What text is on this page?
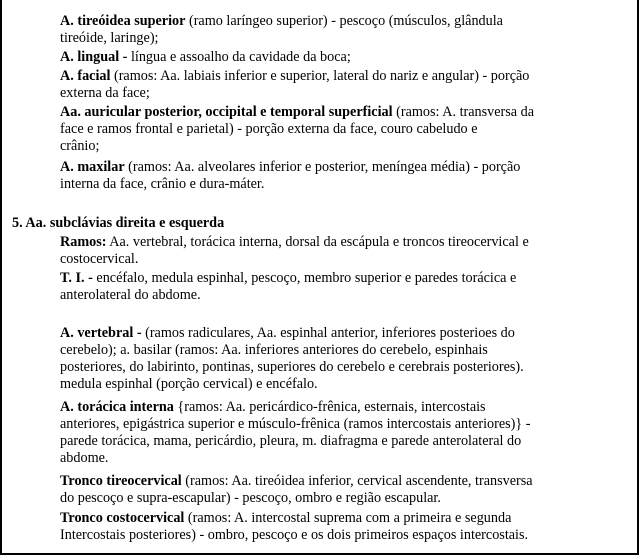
A. tireóidea superior (ramo laríngeo superior) - pescoço (músculos, glândula
tireóide, laringe);
A. lingual - língua e assoalho da cavidade da boca;
A. facial (ramos: Aa. labiais inferior e superior, lateral do nariz e angular) - porção
externa da face;
Aa. auricular posterior, occipital e temporal superficial (ramos: A. transversa da
face e ramos frontal e parietal) - porção externa da face, couro cabeludo e
crânio;
A. maxilar (ramos: Aa. alveolares inferior e posterior, meníngea média) - porção
interna da face, crânio e dura-máter.
5. Aa. subclávias direita e esquerda
Ramos: Aa. vertebral, torácica interna, dorsal da escápula e troncos tireocervical e
costocervical.
T. I. - encéfalo, medula espinhal, pescoço, membro superior e paredes torácica e
anterolateral do abdome.
A. vertebral - (ramos radiculares, Aa. espinhal anterior, inferiores posterioes do
cerebelo); a. basilar (ramos: Aa. inferiores anteriores do cerebelo, espinhais
posteriores, do labirinto, pontinas, superiores do cerebelo e cerebrais posteriores).
medula espinhal (porção cervical) e encéfalo.
A. torácica interna {ramos: Aa. pericárdico-frênica, esternais, intercostais
anteriores, epigástrica superior e músculo-frênica (ramos intercostais anteriores)} -
parede torácica, mama, pericárdio, pleura, m. diafragma e parede anterolateral do
abdome.
Tronco tireocervical (ramos: Aa. tireóidea inferior, cervical ascendente, transversa
do pescoço e supra-escapular) - pescoço, ombro e região escapular.
Tronco costocervical (ramos: A. intercostal suprema com a primeira e segunda
Intercostais posteriores) - ombro, pescoço e os dois primeiros espaços intercostais.
